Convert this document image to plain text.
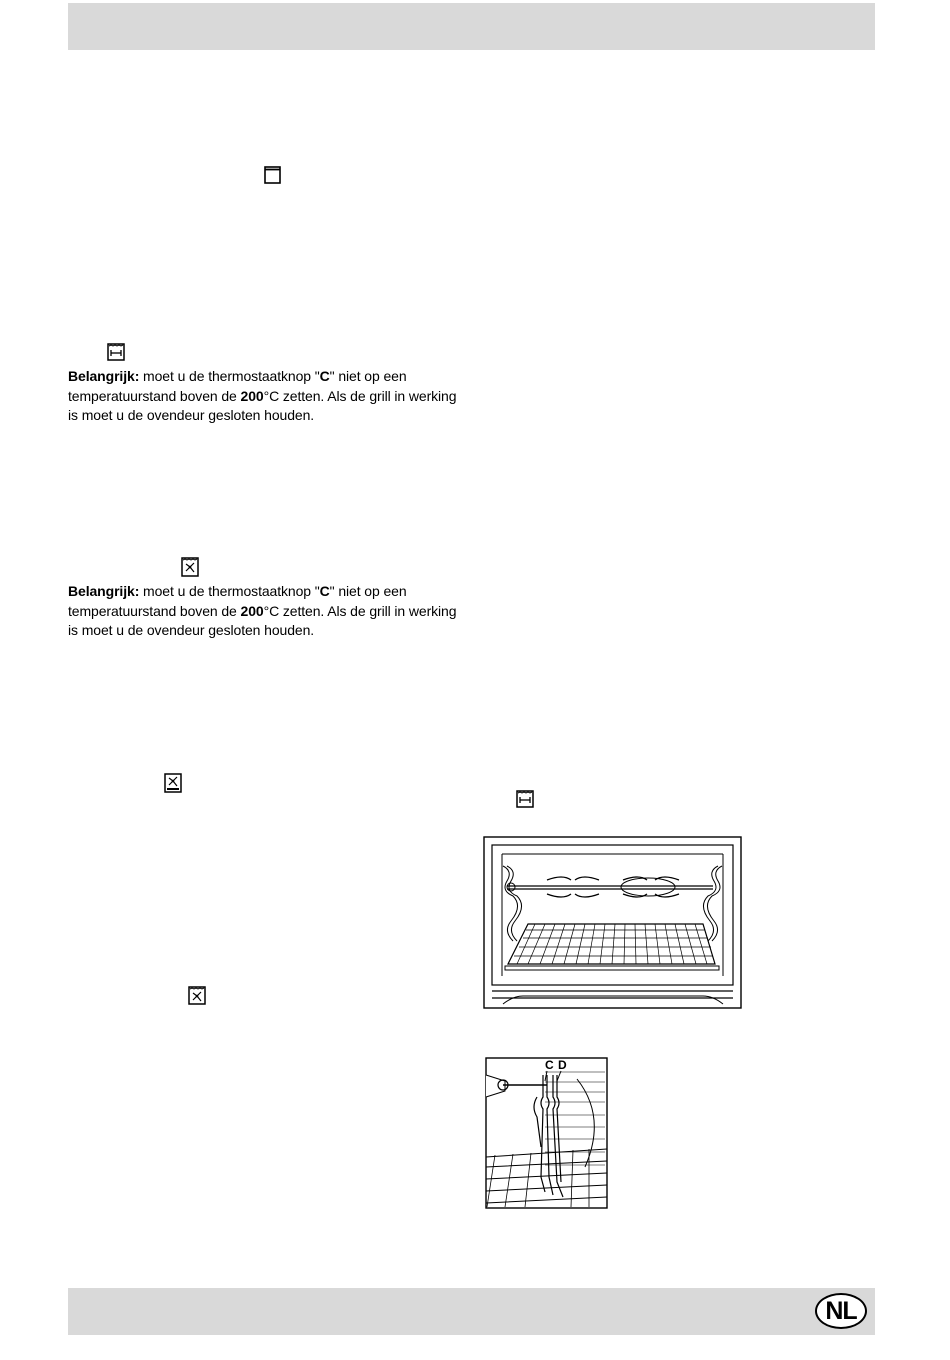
Belangrijk: moet u de thermostaatknop "C" niet op een temperatuurstand boven de 200°C zetten. Als de grill in werking is moet u de ovendeur gesloten houden.
Belangrijk: moet u de thermostaatknop "C" niet op een temperatuurstand boven de 200°C zetten. Als de grill in werking is moet u de ovendeur gesloten houden.
C D
NL
